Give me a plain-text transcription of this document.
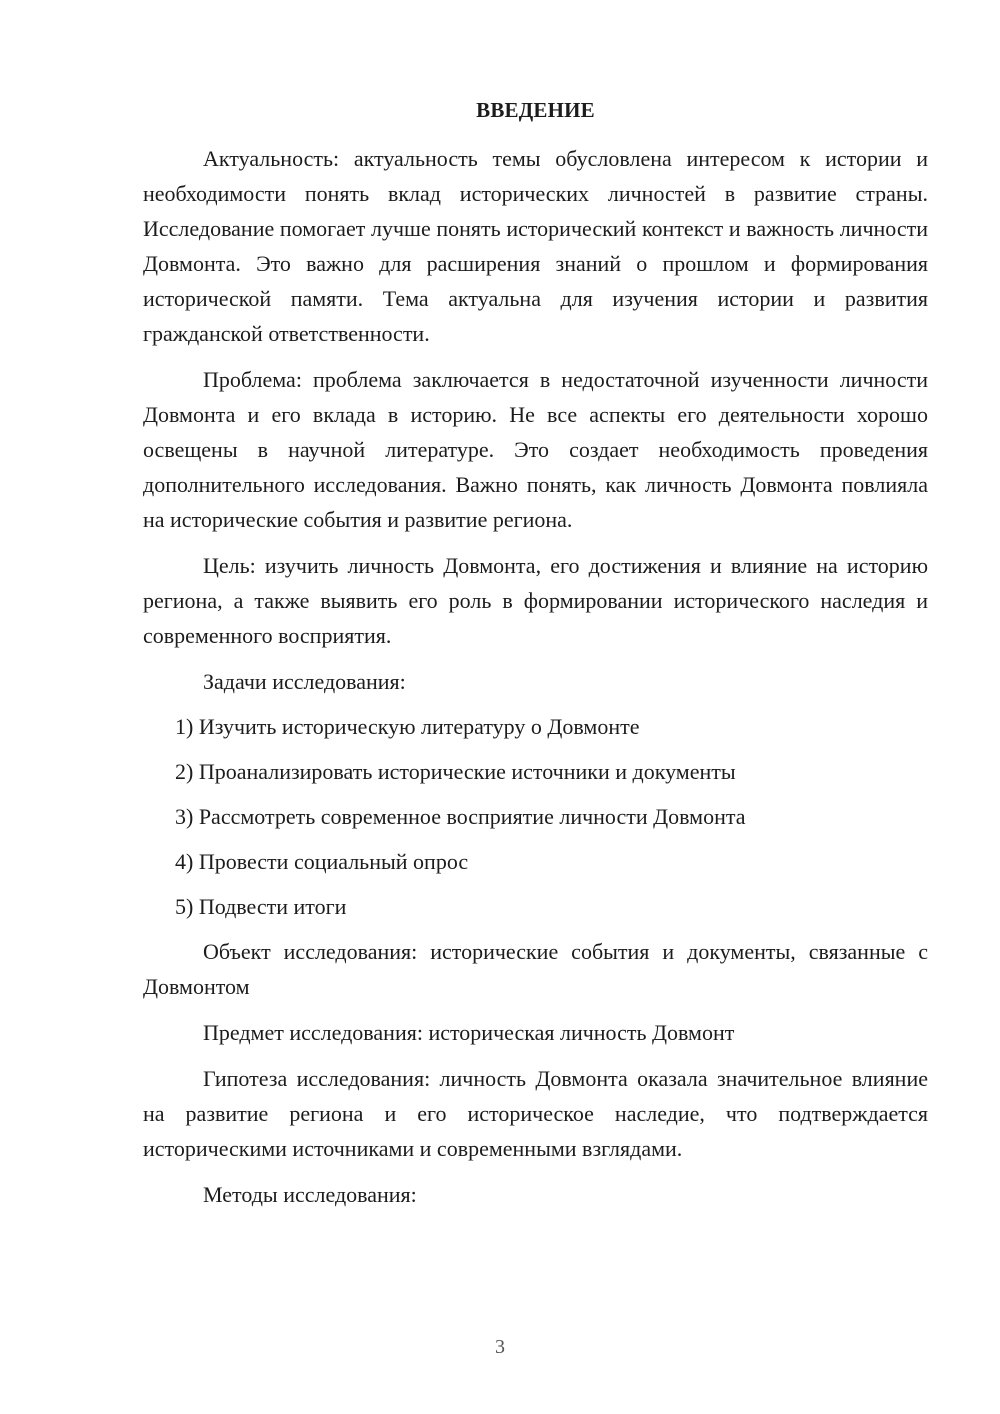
ВВЕДЕНИЕ

Актуальность: актуальность темы обусловлена интересом к истории и необходимости понять вклад исторических личностей в развитие страны. Исследование помогает лучше понять исторический контекст и важность личности Довмонта. Это важно для расширения знаний о прошлом и формирования исторической памяти. Тема актуальна для изучения истории и развития гражданской ответственности.

Проблема: проблема заключается в недостаточной изученности личности Довмонта и его вклада в историю. Не все аспекты его деятельности хорошо освещены в научной литературе. Это создает необходимость проведения дополнительного исследования. Важно понять, как личность Довмонта повлияла на исторические события и развитие региона.

Цель: изучить личность Довмонта, его достижения и влияние на историю региона, а также выявить его роль в формировании исторического наследия и современного восприятия.

Задачи исследования:

1) Изучить историческую литературу о Довмонте

2) Проанализировать исторические источники и документы

3) Рассмотреть современное восприятие личности Довмонта

4) Провести социальный опрос

5) Подвести итоги

Объект исследования: исторические события и документы, связанные с Довмонтом

Предмет исследования: историческая личность Довмонт

Гипотеза исследования: личность Довмонта оказала значительное влияние на развитие региона и его историческое наследие, что подтверждается историческими источниками и современными взглядами.

Методы исследования:

3
